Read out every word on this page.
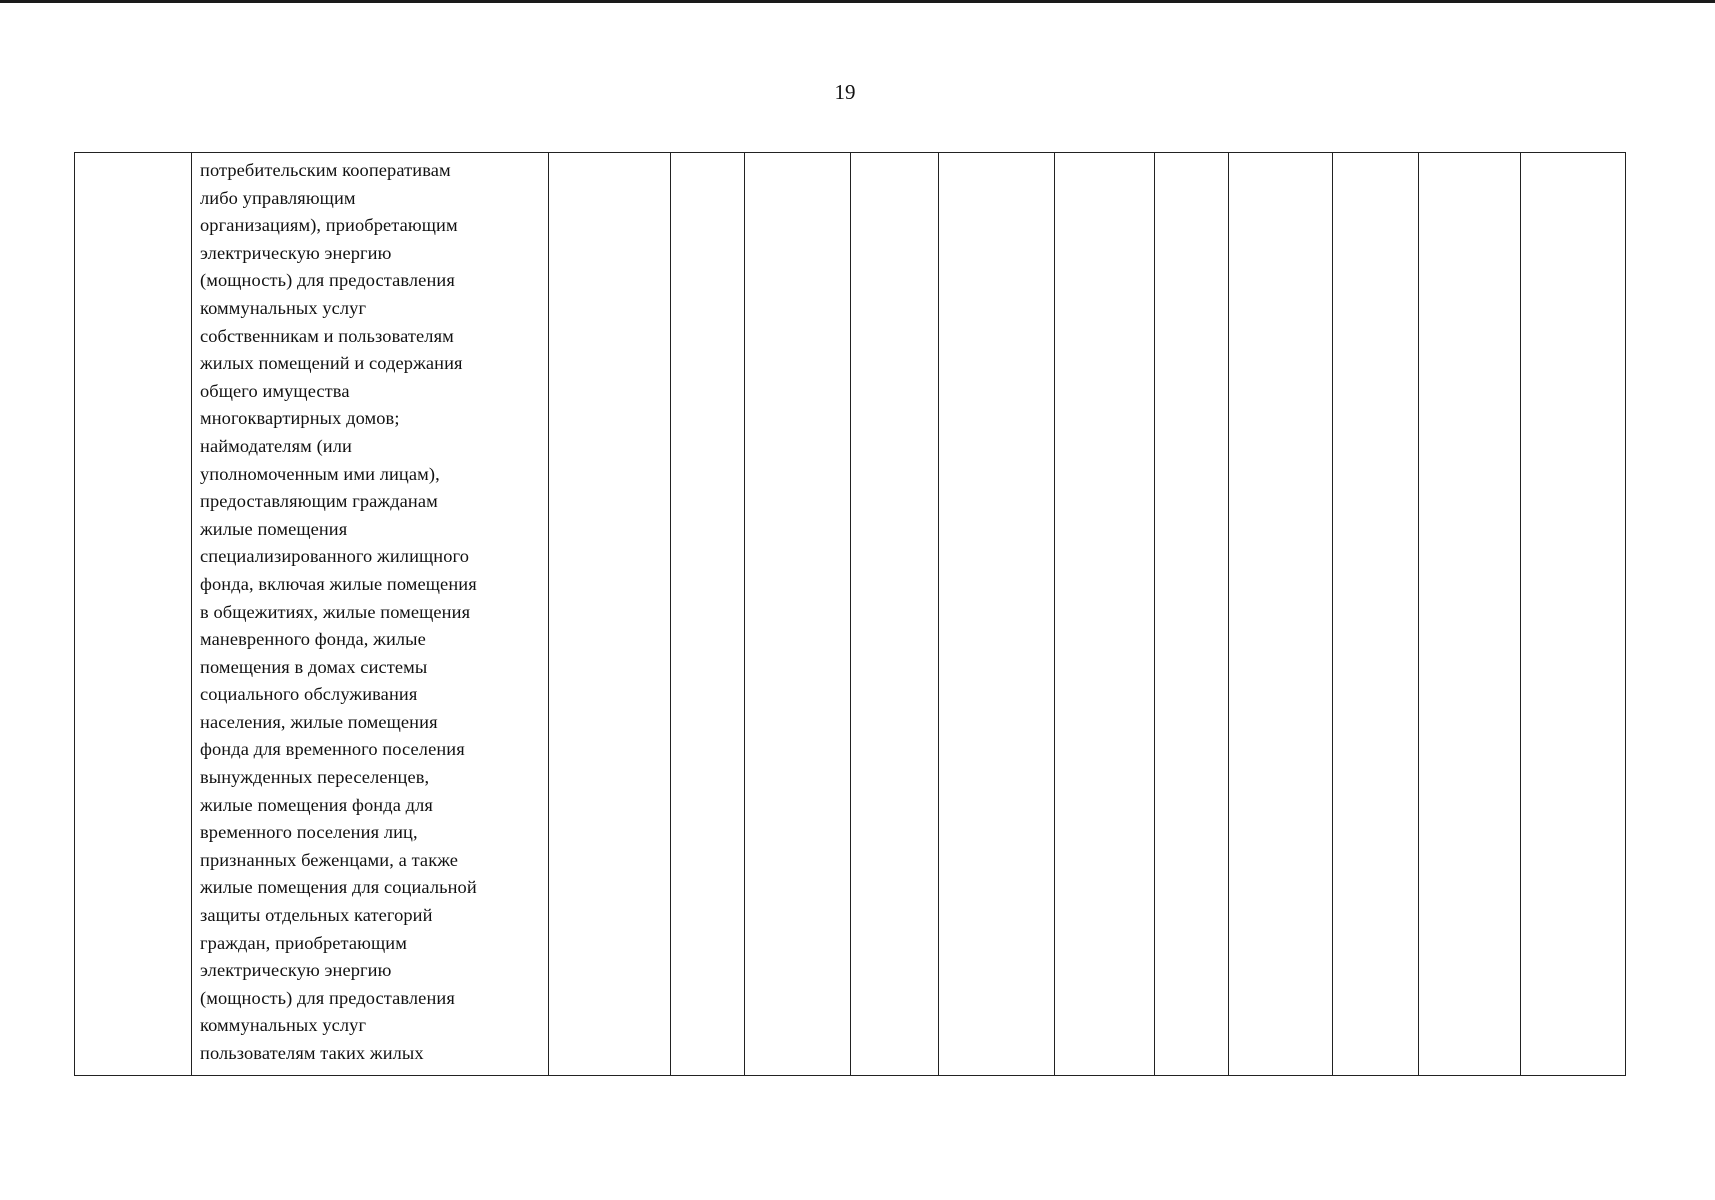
19

потребительским кооперативам
либо управляющим
организациям), приобретающим
электрическую энергию
(мощность) для предоставления
коммунальных услуг
собственникам и пользователям
жилых помещений и содержания
общего имущества
многоквартирных домов;
наймодателям (или
уполномоченным ими лицам),
предоставляющим гражданам
жилые помещения
специализированного жилищного
фонда, включая жилые помещения
в общежитиях, жилые помещения
маневренного фонда, жилые
помещения в домах системы
социального обслуживания
населения, жилые помещения
фонда для временного поселения
вынужденных переселенцев,
жилые помещения фонда для
временного поселения лиц,
признанных беженцами, а также
жилые помещения для социальной
защиты отдельных категорий
граждан, приобретающим
электрическую энергию
(мощность) для предоставления
коммунальных услуг
пользователям таких жилых
